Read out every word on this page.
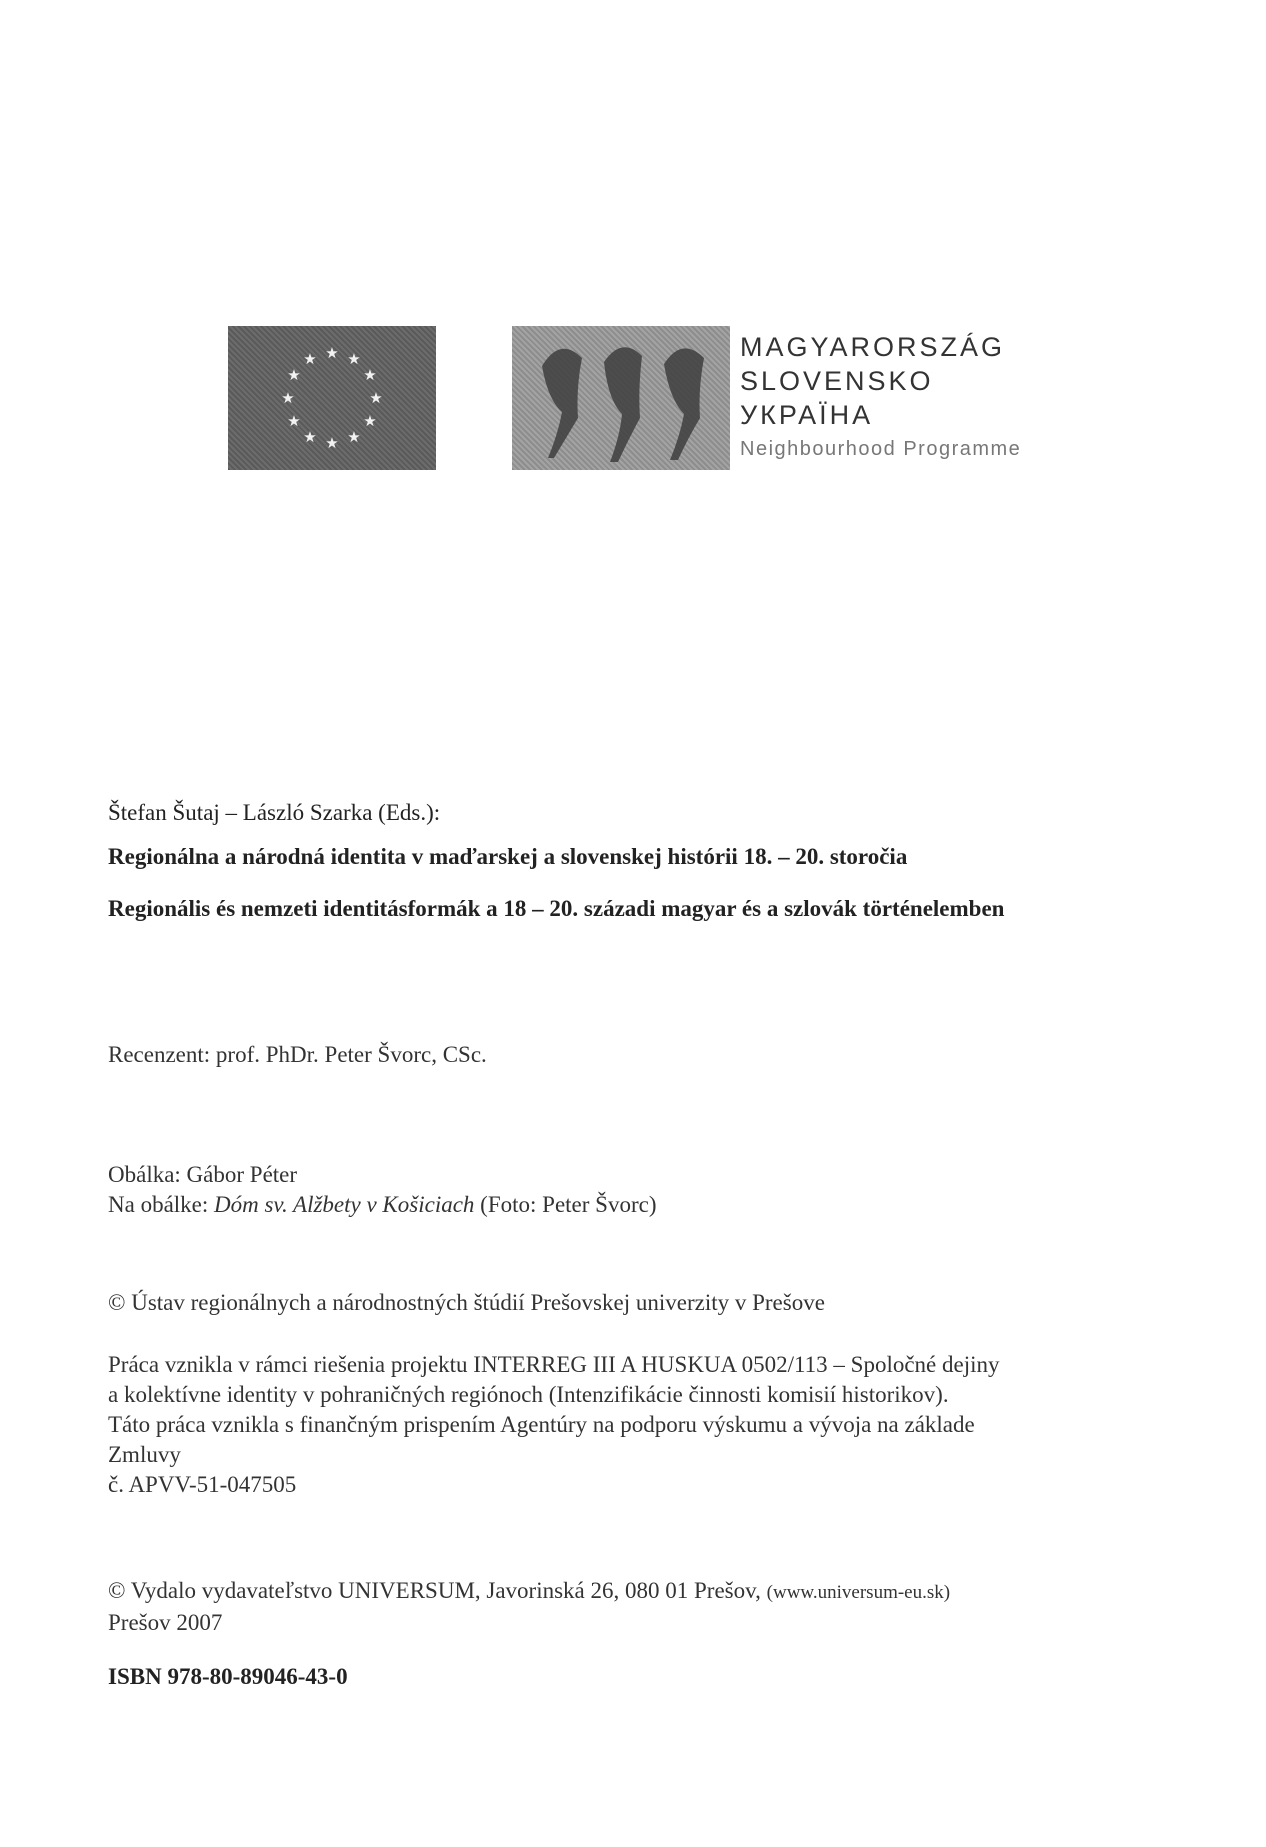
★ ★
★
★
★
★
★
★
★
★
★
★	MAGYARORSZÁG
SLOVENSKO
УКРАЇНА
Neighbourhood Programme
Štefan Šutaj – László Szarka (Eds.):
Regionálna a národná identita v maďarskej a slovenskej histórii 18. – 20. storočia
Regionális és nemzeti identitásformák a 18 – 20. századi magyar és a szlovák történelemben
Recenzent: prof. PhDr. Peter Švorc, CSc.
Obálka: Gábor Péter
Na obálke: Dóm sv. Alžbety v Košiciach (Foto: Peter Švorc)
© Ústav regionálnych a národnostných štúdií Prešovskej univerzity v Prešove
Práca vznikla v rámci riešenia projektu INTERREG III A HUSKUA 0502/113 – Spoločné dejiny
a kolektívne identity v pohraničných regiónoch (Intenzifikácie činnosti komisií historikov).
Táto práca vznikla s finančným prispením Agentúry na podporu výskumu a vývoja na základe
Zmluvy
č. APVV-51-047505
© Vydalo vydavateľstvo UNIVERSUM, Javorinská 26, 080 01 Prešov, (www.universum-eu.sk)
Prešov 2007
ISBN 978-80-89046-43-0
